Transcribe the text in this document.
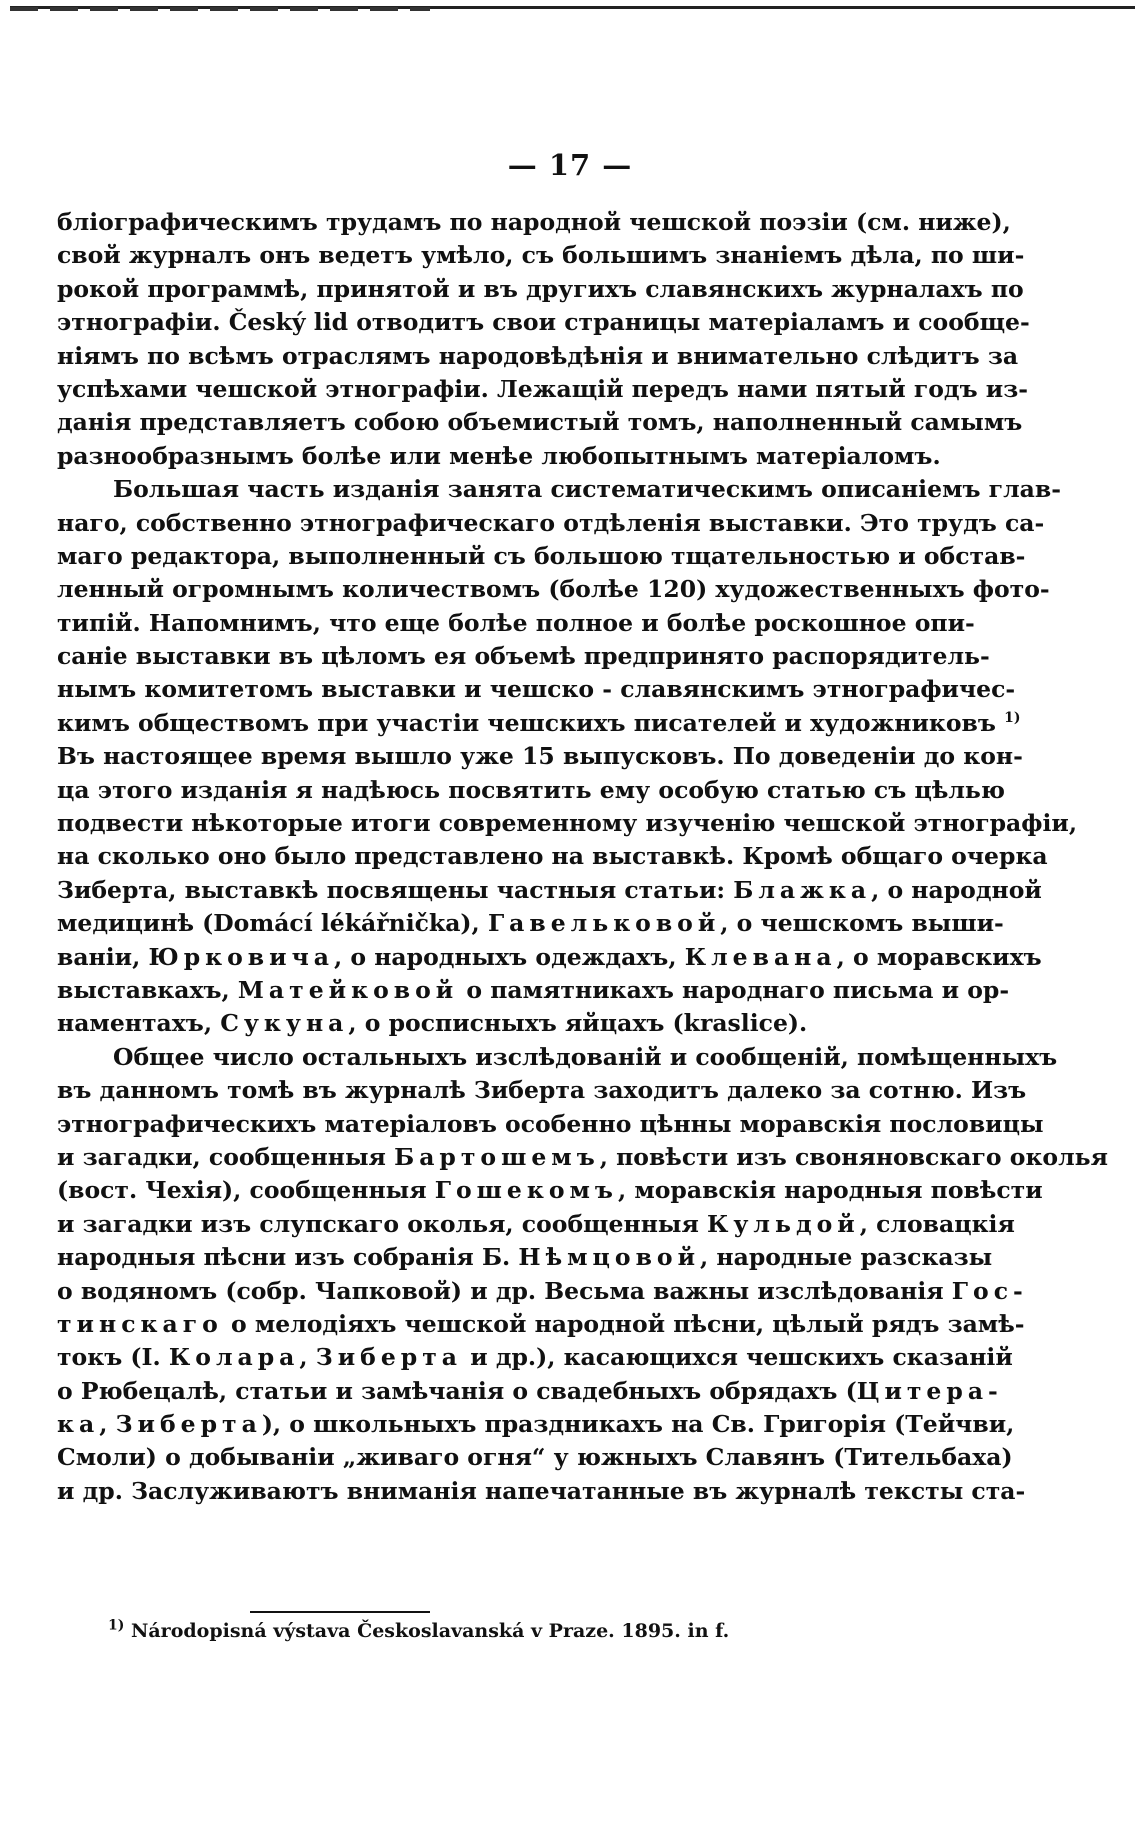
— 17 —
бліографическимъ трудамъ по народной чешской поэзіи (см. ниже),
свой журналъ онъ ведетъ умѣло, съ большимъ знаніемъ дѣла, по ши-
рокой программѣ, принятой и въ другихъ славянскихъ журналахъ по
этнографіи. Český lid отводитъ свои страницы матеріаламъ и сообще-
ніямъ по всѣмъ отраслямъ народовѣдѣнія и внимательно слѣдитъ за
успѣхами чешской этнографіи. Лежащій передъ нами пятый годъ из-
данія представляетъ собою объемистый томъ, наполненный самымъ
разнообразнымъ болѣе или менѣе любопытнымъ матеріаломъ.
Большая часть изданія занята систематическимъ описаніемъ глав-
наго, собственно этнографическаго отдѣленія выставки. Это трудъ са-
маго редактора, выполненный съ большою тщательностью и обстав-
ленный огромнымъ количествомъ (болѣе 120) художественныхъ фото-
типій. Напомнимъ, что еще болѣе полное и болѣе роскошное опи-
саніе выставки въ цѣломъ ея объемѣ предпринято распорядитель-
нымъ комитетомъ выставки и чешско - славянскимъ этнографичес-
кимъ обществомъ при участіи чешскихъ писателей и художниковъ $^{1)}$
Въ настоящее время вышло уже 15 выпусковъ. По доведеніи до кон-
ца этого изданія я надѣюсь посвятить ему особую статью съ цѣлью
подвести нѣкоторые итоги современному изученію чешской этнографіи,
на сколько оно было представлено на выставкѣ. Кромѣ общаго очерка
Зиберта, выставкѣ посвящены частныя статьи: Блажка, о народной
медицинѣ (Domácí lékářnička), Гавельковой, о чешскомъ выши-
ваніи, Юрковича, о народныхъ одеждахъ, Клевана, о моравскихъ
выставкахъ, Матейковой о памятникахъ народнаго письма и ор-
наментахъ, Сукуна, о росписныхъ яйцахъ (kraslice).
Общее число остальныхъ изслѣдованій и сообщеній, помѣщенныхъ
въ данномъ томѣ въ журналѣ Зиберта заходитъ далеко за сотню. Изъ
этнографическихъ матеріаловъ особенно цѣнны моравскія пословицы
и загадки, сообщенныя Бартошемъ, повѣсти изъ своняновскаго околья
(вост. Чехія), сообщенныя Гошекомъ, моравскія народныя повѣсти
и загадки изъ слупскаго околья, сообщенныя Кульдой, словацкія
народныя пѣсни изъ собранія Б. Нѣмцовой, народные разсказы
о водяномъ (собр. Чапковой) и др. Весьма важны изслѣдованія Гос-
тинскаго о мелодіяхъ чешской народной пѣсни, цѣлый рядъ замѣ-
токъ (I. Колара, Зиберта и др.), касающихся чешскихъ сказаній
о Рюбецалѣ, статьи и замѣчанія о свадебныхъ обрядахъ (Цитера-
ка, Зиберта), о школьныхъ праздникахъ на Св. Григорія (Тейчви,
Смоли) о добываніи „живаго огня“ у южныхъ Славянъ (Тительбаха)
и др. Заслуживаютъ вниманія напечатанные въ журналѣ тексты ста-
$^{1)}$ Národopisná výstava Českoslavanská v Praze. 1895. in f.
